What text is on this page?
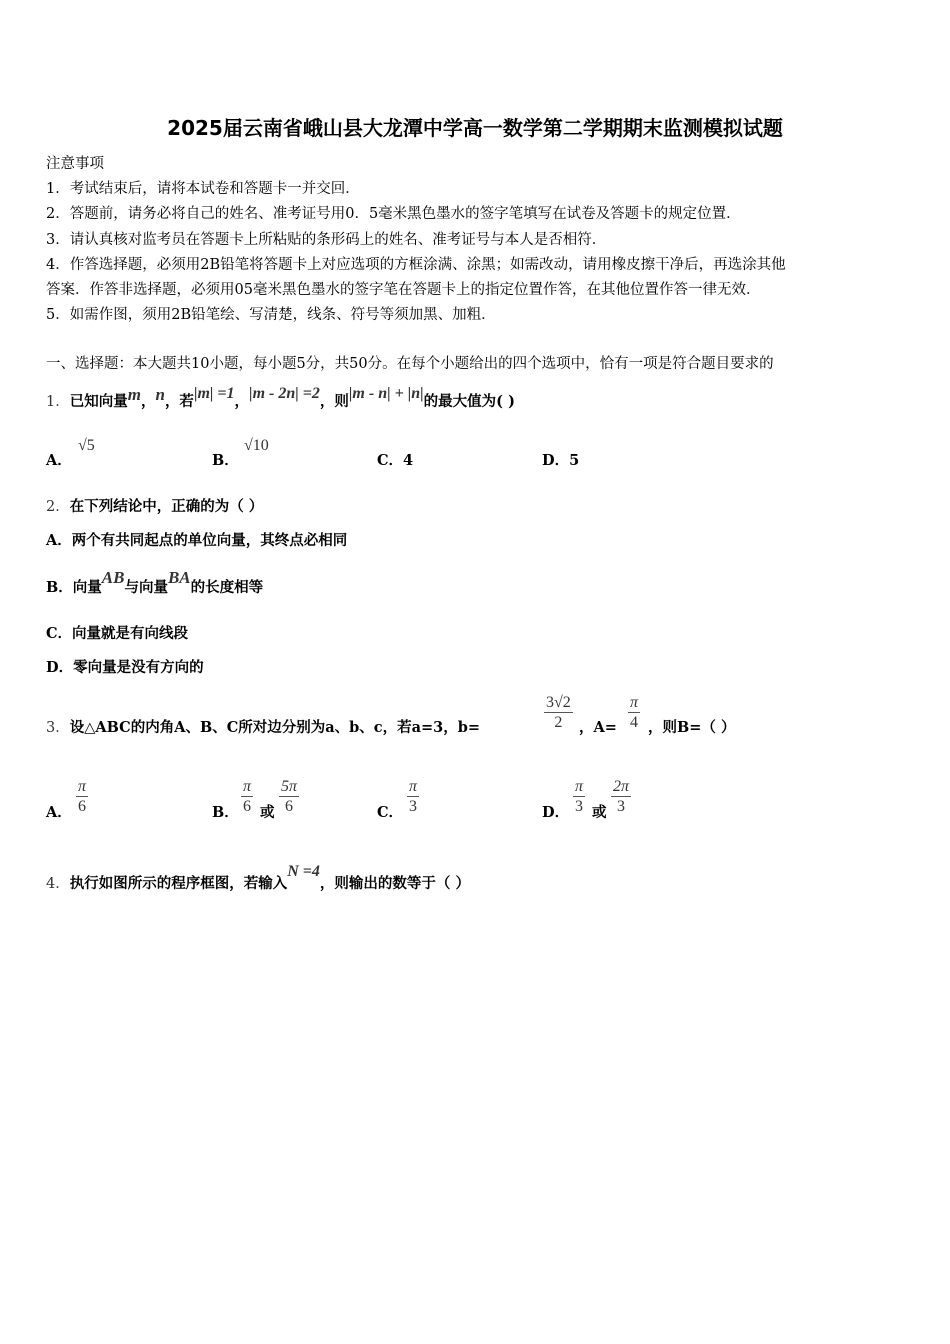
2025届云南省峨山县大龙潭中学高一数学第二学期期末监测模拟试题
注意事项
1．考试结束后，请将本试卷和答题卡一并交回．
2．答题前，请务必将自己的姓名、准考证号用0．5毫米黑色墨水的签字笔填写在试卷及答题卡的规定位置．
3．请认真核对监考员在答题卡上所粘贴的条形码上的姓名、准考证号与本人是否相符．
4．作答选择题，必须用2B铅笔将答题卡上对应选项的方框涂满、涂黑；如需改动，请用橡皮擦干净后，再选涂其他
答案．作答非选择题，必须用05毫米黑色墨水的签字笔在答题卡上的指定位置作答，在其他位置作答一律无效．
5．如需作图，须用2B铅笔绘、写清楚，线条、符号等须加黑、加粗．
一、选择题：本大题共10小题，每小题5分，共50分。在每个小题给出的四个选项中，恰有一项是符合题目要求的
1．已知向量m，n，若|m| =1，|m - 2n| =2，则|m - n| + |n|的最大值为( )
A．
√5
B．
√10
C．4	D．5
2．在下列结论中，正确的为（ ）
A．两个有共同起点的单位向量，其终点必相同
B．向量AB与向量BA的长度相等
C．向量就是有向线段
D．零向量是没有方向的
3．设△ABC的内角A、B、C所对边分别为a、b、c，若a=3，b=
3√2
2 ，A=
π
4 ，则B=（ ）
A．
π
6	B．
π
6 或
5π
6	C．
π
3	D．
π
3 或
2π
3
4．执行如图所示的程序框图，若输入N =4，则输出的数等于（ ）
